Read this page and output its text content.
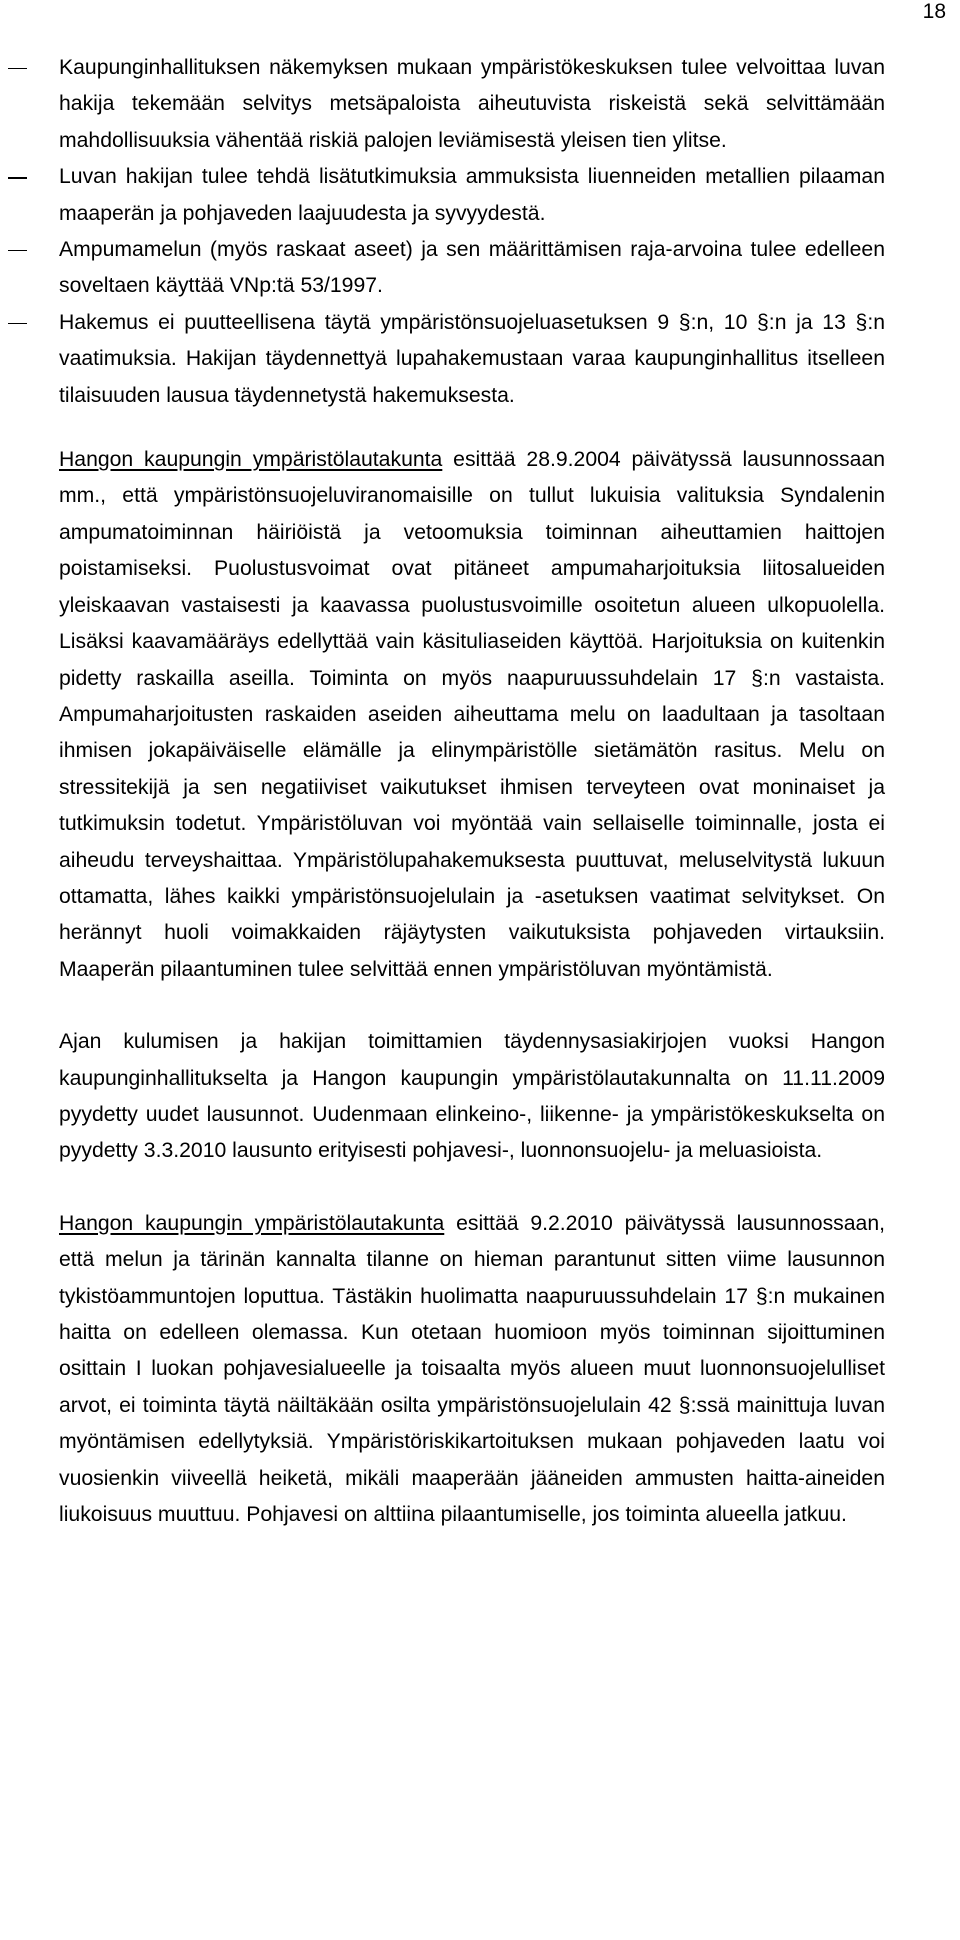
18
Kaupunginhallituksen näkemyksen mukaan ympäristökeskuksen tulee velvoittaa luvan hakija tekemään selvitys metsäpaloista aiheutuvista riskeistä sekä selvittämään mahdollisuuksia vähentää riskiä palojen leviämisestä yleisen tien ylitse.
Luvan hakijan tulee tehdä lisätutkimuksia ammuksista liuenneiden metallien pilaaman maaperän ja pohjaveden laajuudesta ja syvyydestä.
Ampumamelun (myös raskaat aseet) ja sen määrittämisen raja-arvoina tulee edelleen soveltaen käyttää VNp:tä 53/1997.
Hakemus ei puutteellisena täytä ympäristönsuojeluasetuksen 9 §:n, 10 §:n ja 13 §:n vaatimuksia. Hakijan täydennettyä lupahakemustaan varaa kaupunginhallitus itselleen tilaisuuden lausua täydennetystä hakemuksesta.

Hangon kaupungin ympäristölautakunta esittää 28.9.2004 päivätyssä lausunnossaan mm., että ympäristönsuojeluviranomaisille on tullut lukuisia valituksia Syndalenin ampumatoiminnan häiriöistä ja vetoomuksia toiminnan aiheuttamien haittojen poistamiseksi. Puolustusvoimat ovat pitäneet ampumaharjoituksia liitosalueiden yleiskaavan vastaisesti ja kaavassa puolustusvoimille osoitetun alueen ulkopuolella. Lisäksi kaavamääräys edellyttää vain käsituliaseiden käyttöä. Harjoituksia on kuitenkin pidetty raskailla aseilla. Toiminta on myös naapuruussuhdelain 17 §:n vastaista. Ampumaharjoitusten raskaiden aseiden aiheuttama melu on laadultaan ja tasoltaan ihmisen jokapäiväiselle elämälle ja elinympäristölle sietämätön rasitus. Melu on stressitekijä ja sen negatiiviset vaikutukset ihmisen terveyteen ovat moninaiset ja tutkimuksin todetut. Ympäristöluvan voi myöntää vain sellaiselle toiminnalle, josta ei aiheudu terveyshaittaa. Ympäristölupahakemuksesta puuttuvat, meluselvitystä lukuun ottamatta, lähes kaikki ympäristönsuojelulain ja -asetuksen vaatimat selvitykset. On herännyt huoli voimakkaiden räjäytysten vaikutuksista pohjaveden virtauksiin. Maaperän pilaantuminen tulee selvittää ennen ympäristöluvan myöntämistä.

Ajan kulumisen ja hakijan toimittamien täydennysasiakirjojen vuoksi Hangon kaupunginhallitukselta ja Hangon kaupungin ympäristölautakunnalta on 11.11.2009 pyydetty uudet lausunnot. Uudenmaan elinkeino-, liikenne- ja ympäristökeskukselta on pyydetty 3.3.2010 lausunto erityisesti pohjavesi-, luonnonsuojelu- ja meluasioista.

Hangon kaupungin ympäristölautakunta esittää 9.2.2010 päivätyssä lausunnossaan, että melun ja tärinän kannalta tilanne on hieman parantunut sitten viime lausunnon tykistöammuntojen loputtua. Tästäkin huolimatta naapuruussuhdelain 17 §:n mukainen haitta on edelleen olemassa. Kun otetaan huomioon myös toiminnan sijoittuminen osittain I luokan pohjavesialueelle ja toisaalta myös alueen muut luonnonsuojelulliset arvot, ei toiminta täytä näiltäkään osilta ympäristönsuojelulain 42 §:ssä mainittuja luvan myöntämisen edellytyksiä. Ympäristöriskikartoituksen mukaan pohjaveden laatu voi vuosienkin viiveellä heiketä, mikäli maaperään jääneiden ammusten haitta-aineiden liukoisuus muuttuu. Pohjavesi on alttiina pilaantumiselle, jos toiminta alueella jatkuu.
